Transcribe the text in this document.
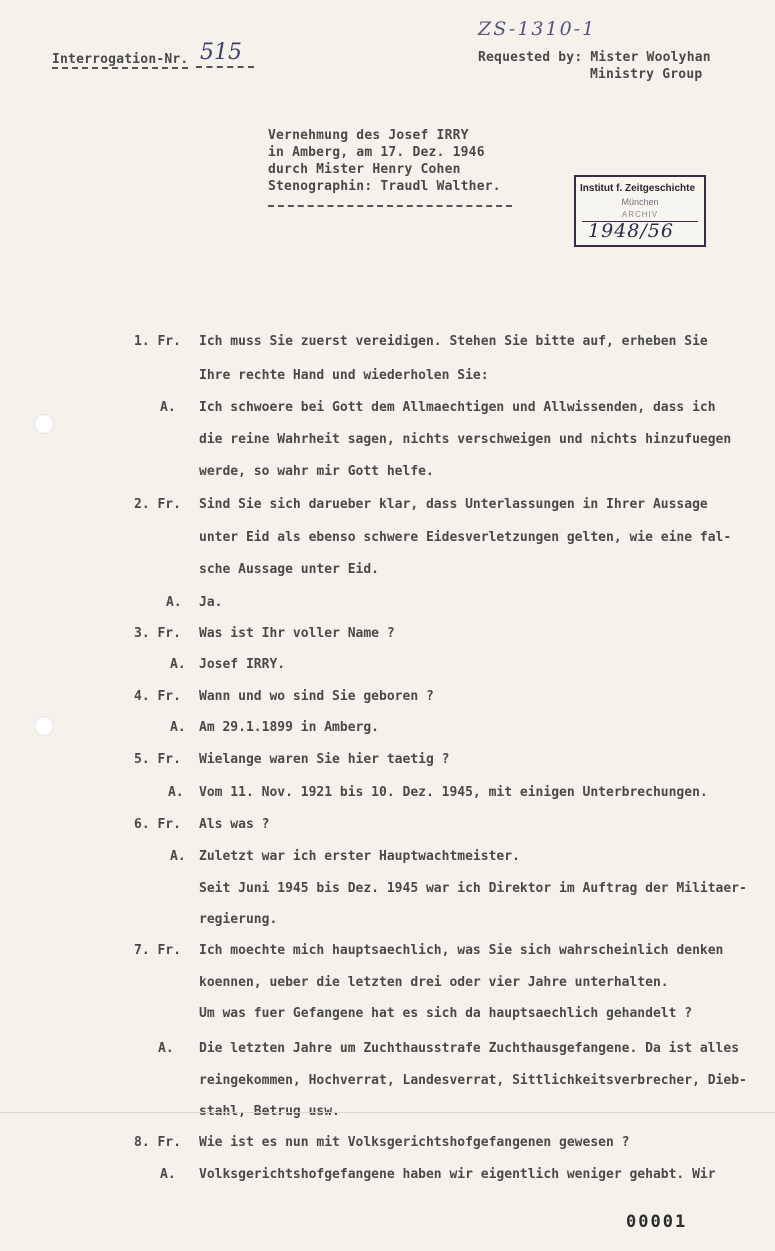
ZS-1310-1
Interrogation-Nr. 515	Requested by: Mister Woolyhan
Ministry Group
Vernehmung des Josef IRRY
in Amberg, am 17. Dez. 1946
durch Mister Henry Cohen
Stenographin: Traudl Walther.	Institut f. Zeitgeschichte
München
ARCHIV
1948/56
1. Fr. Ich muss Sie zuerst vereidigen. Stehen Sie bitte auf, erheben Sie
Ihre rechte Hand und wiederholen Sie:
A. Ich schwoere bei Gott dem Allmaechtigen und Allwissenden, dass ich
die reine Wahrheit sagen, nichts verschweigen und nichts hinzufuegen
werde, so wahr mir Gott helfe.
2. Fr. Sind Sie sich darueber klar, dass Unterlassungen in Ihrer Aussage
unter Eid als ebenso schwere Eidesverletzungen gelten, wie eine fal-
sche Aussage unter Eid.
A. Ja.
3. Fr. Was ist Ihr voller Name ?
A. Josef IRRY.
4. Fr. Wann und wo sind Sie geboren ?
A. Am 29.1.1899 in Amberg.
5. Fr. Wielange waren Sie hier taetig ?
A. Vom 11. Nov. 1921 bis 10. Dez. 1945, mit einigen Unterbrechungen.
6. Fr. Als was ?
A. Zuletzt war ich erster Hauptwachtmeister.
Seit Juni 1945 bis Dez. 1945 war ich Direktor im Auftrag der Militaer-
regierung.
7. Fr. Ich moechte mich hauptsaechlich, was Sie sich wahrscheinlich denken
koennen, ueber die letzten drei oder vier Jahre unterhalten.
Um was fuer Gefangene hat es sich da hauptsaechlich gehandelt ?
A. Die letzten Jahre um Zuchthausstrafe Zuchthausgefangene. Da ist alles
reingekommen, Hochverrat, Landesverrat, Sittlichkeitsverbrecher, Dieb-
stahl, Betrug usw.
8. Fr. Wie ist es nun mit Volksgerichtshofgefangenen gewesen ?
A. Volksgerichtshofgefangene haben wir eigentlich weniger gehabt. Wir
00001
